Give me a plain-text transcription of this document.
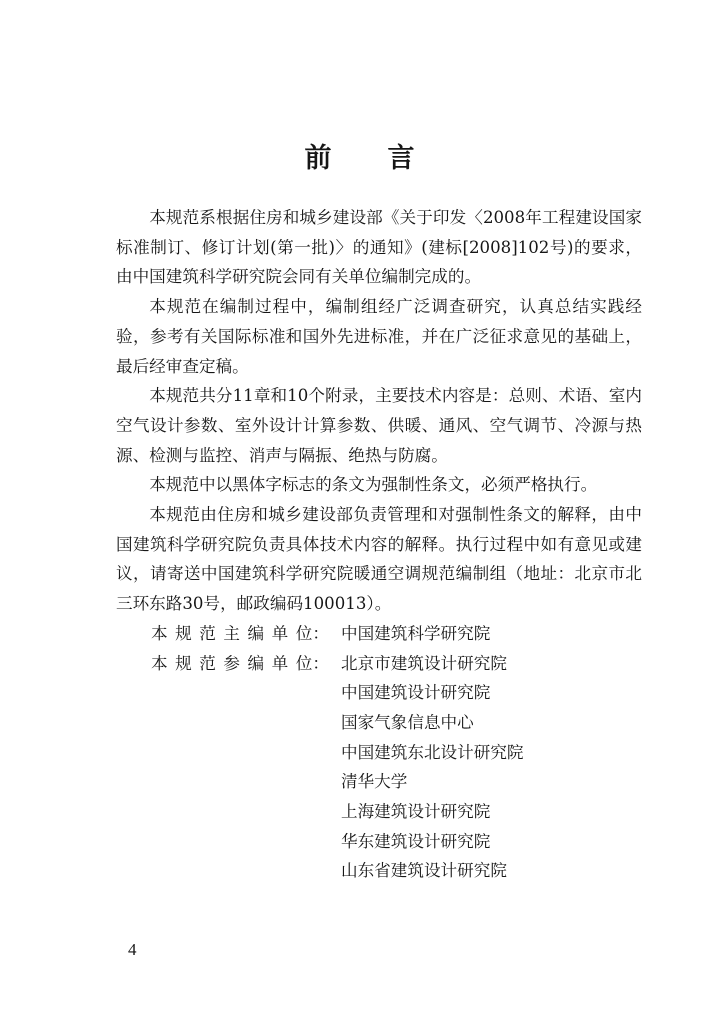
前 言

本规范系根据住房和城乡建设部《关于印发〈2008年工程建设国家标准制订、修订计划(第一批)〉的通知》(建标[2008]102号)的要求，由中国建筑科学研究院会同有关单位编制完成的。

本规范在编制过程中，编制组经广泛调查研究，认真总结实践经验，参考有关国际标准和国外先进标准，并在广泛征求意见的基础上，最后经审查定稿。

本规范共分11章和10个附录，主要技术内容是：总则、术语、室内空气设计参数、室外设计计算参数、供暖、通风、空气调节、冷源与热源、检测与监控、消声与隔振、绝热与防腐。

本规范中以黑体字标志的条文为强制性条文，必须严格执行。

本规范由住房和城乡建设部负责管理和对强制性条文的解释，由中国建筑科学研究院负责具体技术内容的解释。执行过程中如有意见或建议，请寄送中国建筑科学研究院暖通空调规范编制组（地址：北京市北三环东路30号，邮政编码100013）。

本 规 范 主 编 单 位： 中国建筑科学研究院
本 规 范 参 编 单 位： 北京市建筑设计研究院
中国建筑设计研究院
国家气象信息中心
中国建筑东北设计研究院
清华大学
上海建筑设计研究院
华东建筑设计研究院
山东省建筑设计研究院
4
